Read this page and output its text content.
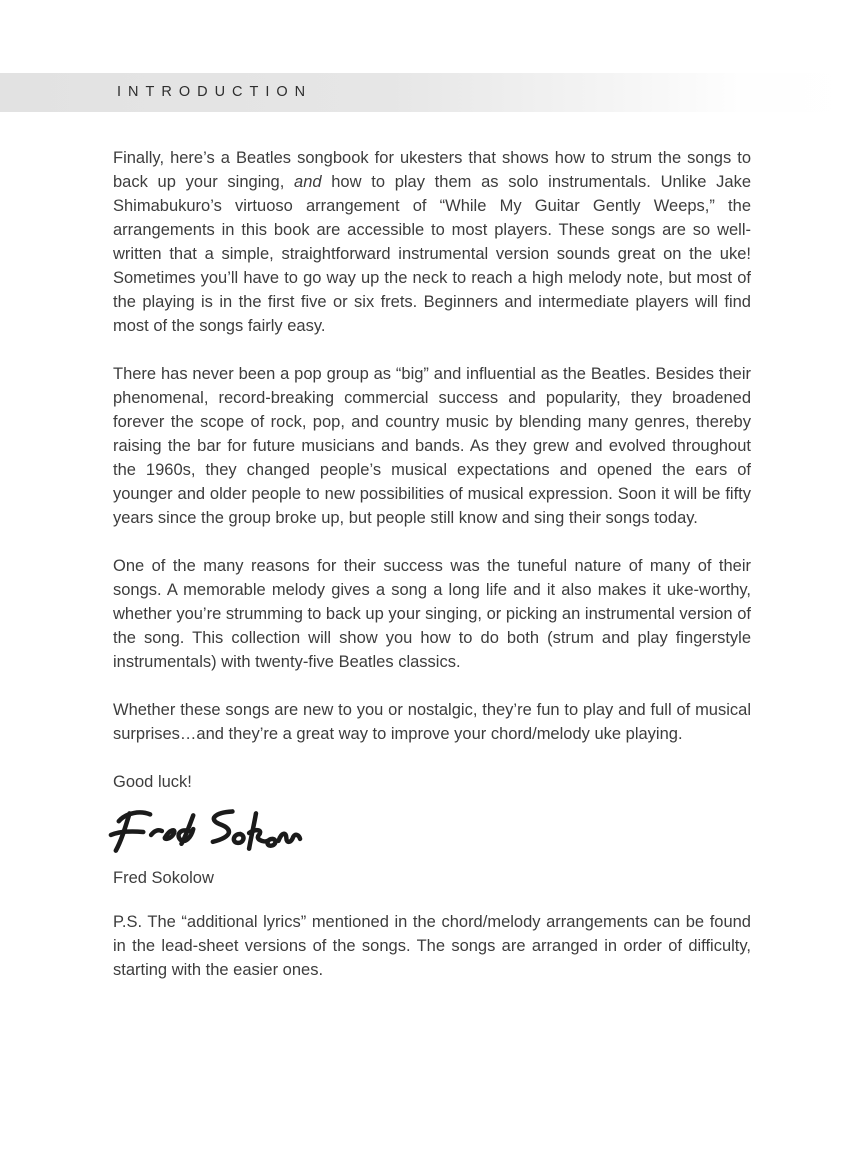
INTRODUCTION

Finally, here’s a Beatles songbook for ukesters that shows how to strum the songs to back up your singing, and how to play them as solo instrumentals. Unlike Jake Shimabukuro’s virtuoso arrangement of “While My Guitar Gently Weeps,” the arrangements in this book are accessible to most players. These songs are so well-written that a simple, straightforward instrumental version sounds great on the uke! Sometimes you’ll have to go way up the neck to reach a high melody note, but most of the playing is in the first five or six frets. Beginners and intermediate players will find most of the songs fairly easy.

There has never been a pop group as “big” and influential as the Beatles. Besides their phenomenal, record-breaking commercial success and popularity, they broadened forever the scope of rock, pop, and country music by blending many genres, thereby raising the bar for future musicians and bands. As they grew and evolved throughout the 1960s, they changed people’s musical expectations and opened the ears of younger and older people to new possibilities of musical expression. Soon it will be fifty years since the group broke up, but people still know and sing their songs today.

One of the many reasons for their success was the tuneful nature of many of their songs. A memorable melody gives a song a long life and it also makes it uke-worthy, whether you’re strumming to back up your singing, or picking an instrumental version of the song. This collection will show you how to do both (strum and play fingerstyle instrumentals) with twenty-five Beatles classics.

Whether these songs are new to you or nostalgic, they’re fun to play and full of musical surprises…and they’re a great way to improve your chord/melody uke playing.

Good luck!

Fred Sokolow

P.S. The “additional lyrics” mentioned in the chord/melody arrangements can be found in the lead-sheet versions of the songs. The songs are arranged in order of difficulty, starting with the easier ones.
